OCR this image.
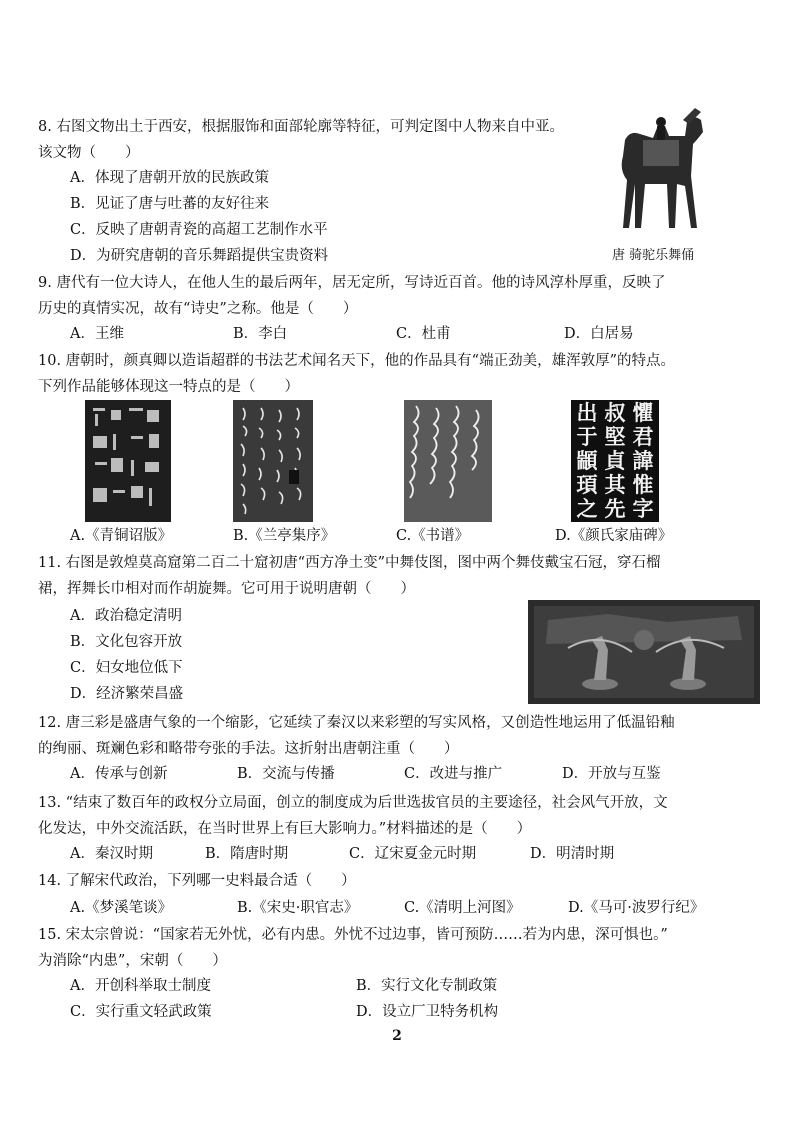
8. 右图文物出土于西安，根据服饰和面部轮廓等特征，可判定图中人物来自中亚。
该文物（　　）
A．体现了唐朝开放的民族政策
B．见证了唐与吐蕃的友好往来
C．反映了唐朝青瓷的高超工艺制作水平
D．为研究唐朝的音乐舞蹈提供宝贵资料	唐 骑驼乐舞俑
9. 唐代有一位大诗人，在他人生的最后两年，居无定所，写诗近百首。他的诗风淳朴厚重，反映了
历史的真情实况，故有“诗史”之称。他是（　　）
A．王维	B．李白	C．杜甫	D．白居易
10. 唐朝时，颜真卿以造诣超群的书法艺术闻名天下，他的作品具有“端正劲美，雄浑敦厚”的特点。
下列作品能够体现这一特点的是（　　）
懼
君
諱
惟
字
叔
堅
貞
其
先
出
于
顓
頊
之
A.《青铜诏版》	B.《兰亭集序》	C.《书谱》	D.《颜氏家庙碑》
11. 右图是敦煌莫高窟第二百二十窟初唐“西方净土变”中舞伎图，图中两个舞伎戴宝石冠，穿石榴
裙，挥舞长巾相对而作胡旋舞。它可用于说明唐朝（　　）
A．政治稳定清明
B．文化包容开放
C．妇女地位低下
D．经济繁荣昌盛
12. 唐三彩是盛唐气象的一个缩影，它延续了秦汉以来彩塑的写实风格，又创造性地运用了低温铅釉
的绚丽、斑斓色彩和略带夸张的手法。这折射出唐朝注重（　　）
A．传承与创新	B．交流与传播	C．改进与推广	D．开放与互鉴
13. “结束了数百年的政权分立局面，创立的制度成为后世选拔官员的主要途径，社会风气开放，文
化发达，中外交流活跃，在当时世界上有巨大影响力。”材料描述的是（　　）
A．秦汉时期	B．隋唐时期	C．辽宋夏金元时期	D．明清时期
14. 了解宋代政治，下列哪一史料最合适（　　）
A.《梦溪笔谈》	B.《宋史·职官志》	C.《清明上河图》	D.《马可·波罗行纪》
15. 宋太宗曾说：“国家若无外忧，必有内患。外忧不过边事，皆可预防……若为内患，深可惧也。”
为消除“内患”，宋朝（　　）
A．开创科举取士制度	B．实行文化专制政策
C．实行重文轻武政策	D．设立厂卫特务机构
2
